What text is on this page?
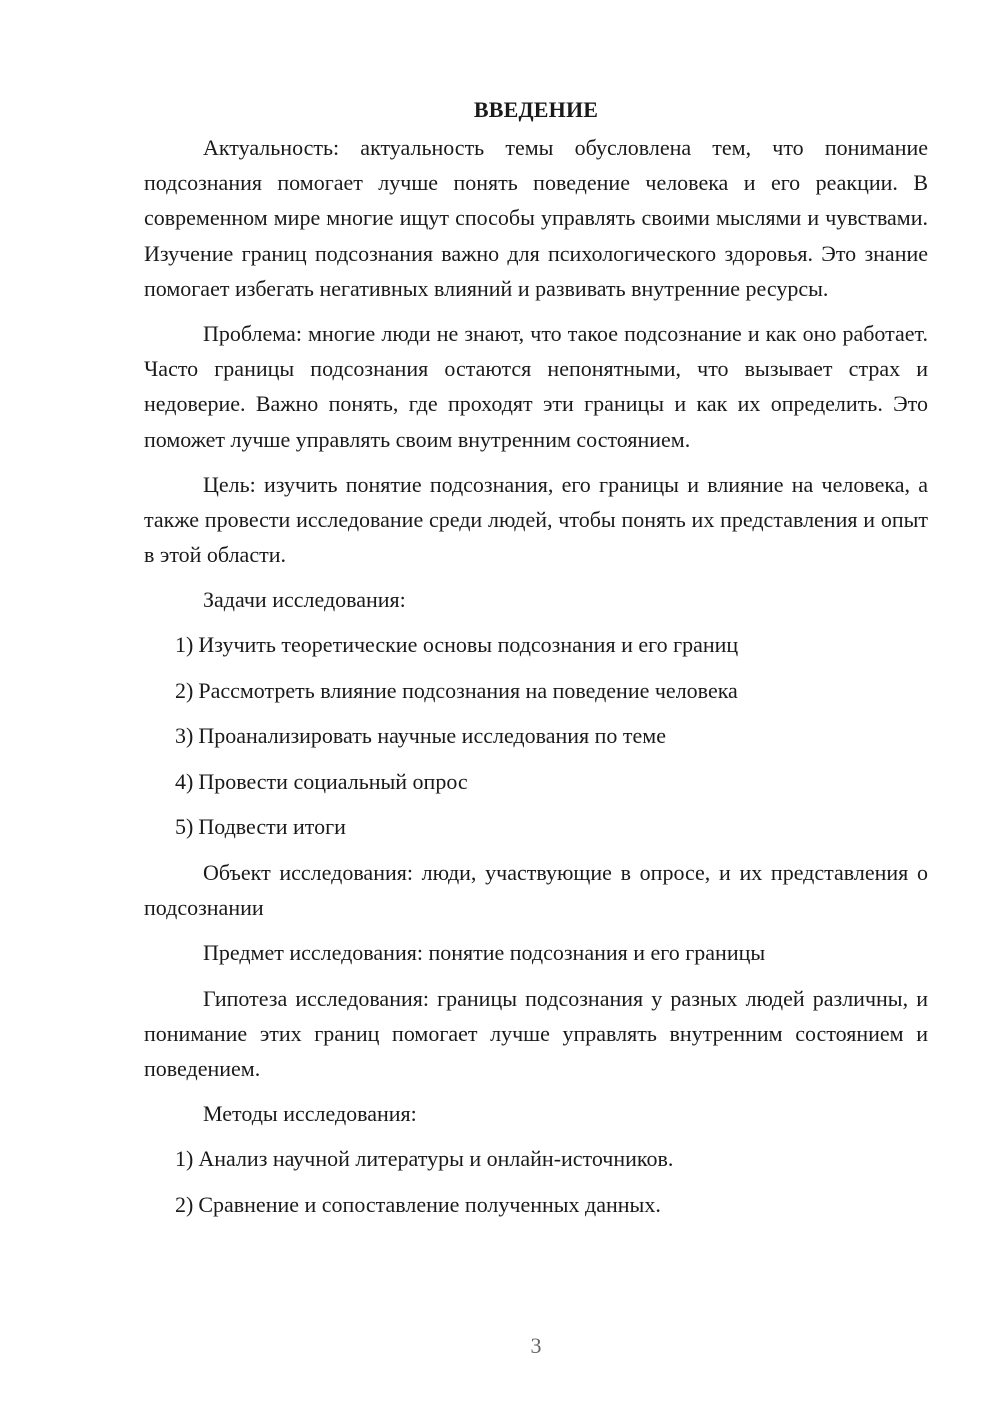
ВВЕДЕНИЕ

Актуальность: актуальность темы обусловлена тем, что понимание подсознания помогает лучше понять поведение человека и его реакции. В современном мире многие ищут способы управлять своими мыслями и чувствами. Изучение границ подсознания важно для психологического здоровья. Это знание помогает избегать негативных влияний и развивать внутренние ресурсы.

Проблема: многие люди не знают, что такое подсознание и как оно работает. Часто границы подсознания остаются непонятными, что вызывает страх и недоверие. Важно понять, где проходят эти границы и как их определить. Это поможет лучше управлять своим внутренним состоянием.

Цель: изучить понятие подсознания, его границы и влияние на человека, а также провести исследование среди людей, чтобы понять их представления и опыт в этой области.

Задачи исследования:

1) Изучить теоретические основы подсознания и его границ
2) Рассмотреть влияние подсознания на поведение человека
3) Проанализировать научные исследования по теме
4) Провести социальный опрос
5) Подвести итоги

Объект исследования: люди, участвующие в опросе, и их представления о подсознании

Предмет исследования: понятие подсознания и его границы

Гипотеза исследования: границы подсознания у разных людей различны, и понимание этих границ помогает лучше управлять внутренним состоянием и поведением.

Методы исследования:

1) Анализ научной литературы и онлайн-источников.
2) Сравнение и сопоставление полученных данных.
3
